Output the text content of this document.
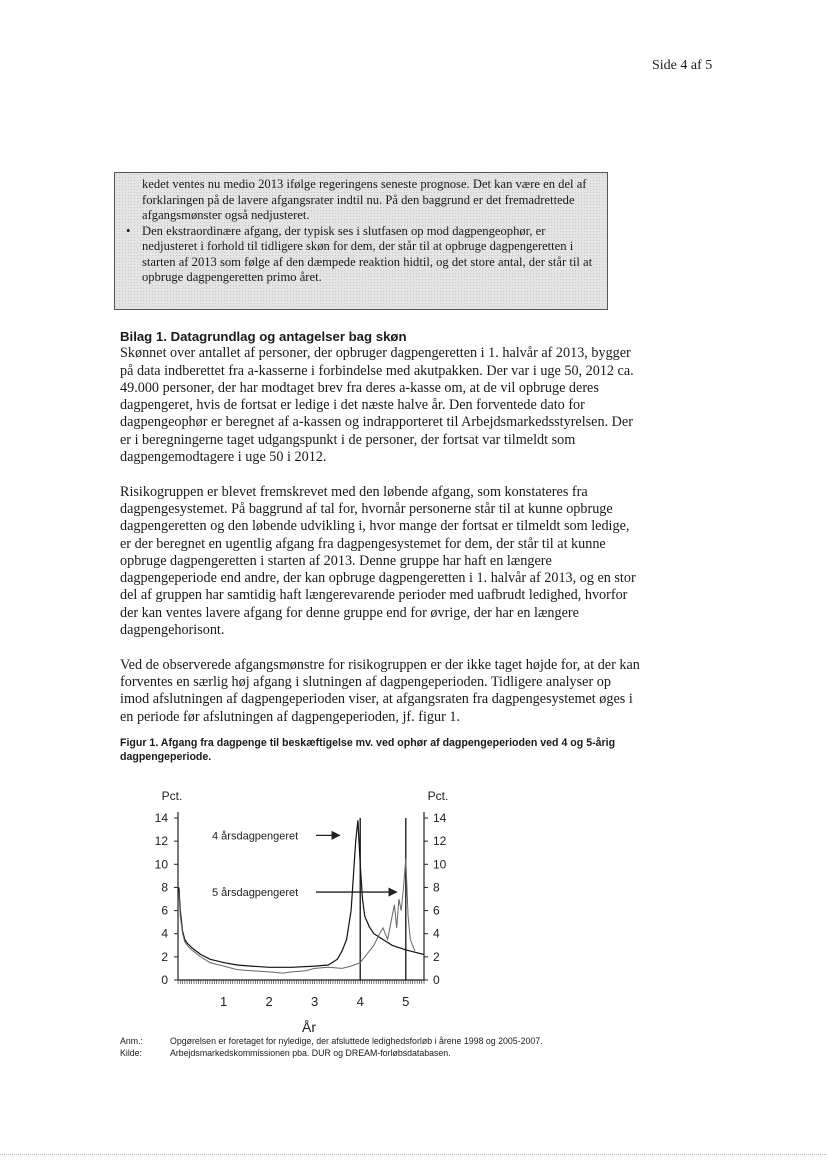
Side 4 af 5

kedet ventes nu medio 2013 ifølge regeringens seneste prognose. Det kan være en del af forklaringen på de lavere afgangsrater indtil nu. På den baggrund er det fremadrettede afgangsmønster også nedjusteret.

• Den ekstraordinære afgang, der typisk ses i slutfasen op mod dagpengeophør, er nedjusteret i forhold til tidligere skøn for dem, der står til at opbruge dagpengeretten i starten af 2013 som følge af den dæmpede reaktion hidtil, og det store antal, der står til at opbruge dagpengeretten primo året.

Bilag 1. Datagrundlag og antagelser bag skøn

Skønnet over antallet af personer, der opbruger dagpengeretten i 1. halvår af 2013, bygger på data indberettet fra a-kasserne i forbindelse med akutpakken. Der var i uge 50, 2012 ca. 49.000 personer, der har modtaget brev fra deres a-kasse om, at de vil opbruge deres dagpengeret, hvis de fortsat er ledige i det næste halve år. Den forventede dato for dagpengeophør er beregnet af a-kassen og indrapporteret til Arbejdsmarkedsstyrelsen. Der er i beregningerne taget udgangspunkt i de personer, der fortsat var tilmeldt som dagpengemodtagere i uge 50 i 2012.

Risikogruppen er blevet fremskrevet med den løbende afgang, som konstateres fra dagpengesystemet. På baggrund af tal for, hvornår personerne står til at kunne opbruge dagpengeretten og den løbende udvikling i, hvor mange der fortsat er tilmeldt som ledige, er der beregnet en ugentlig afgang fra dagpengesystemet for dem, der står til at kunne opbruge dagpengeretten i starten af 2013. Denne gruppe har haft en længere dagpengeperiode end andre, der kan opbruge dagpengeretten i 1. halvår af 2013, og en stor del af gruppen har samtidig haft længerevarende perioder med uafbrudt ledighed, hvorfor der kan ventes lavere afgang for denne gruppe end for øvrige, der har en længere dagpengehorisont.

Ved de observerede afgangsmønstre for risikogruppen er der ikke taget højde for, at der kan forventes en særlig høj afgang i slutningen af dagpengeperioden. Tidligere analyser op imod afslutningen af dagpengeperioden viser, at afgangsraten fra dagpengesystemet øges i en periode før afslutningen af dagpengeperioden, jf. figur 1.

Figur 1. Afgang fra dagpenge til beskæftigelse mv. ved ophør af dagpengeperioden ved 4 og 5-årig dagpengeperiode.
Pct.	Pct.
0	0
2	2
4	4
6	6
8	8
10	10
12	12
14	14
1	2	3	4	5
År
4 årsdagpengeret
5 årsdagpengeret
Anm.:	Opgørelsen er foretaget for nyledige, der afsluttede ledighedsforløb i årene 1998 og 2005-2007.
Kilde:	Arbejdsmarkedskommissionen pba. DUR og DREAM-forløbsdatabasen.
